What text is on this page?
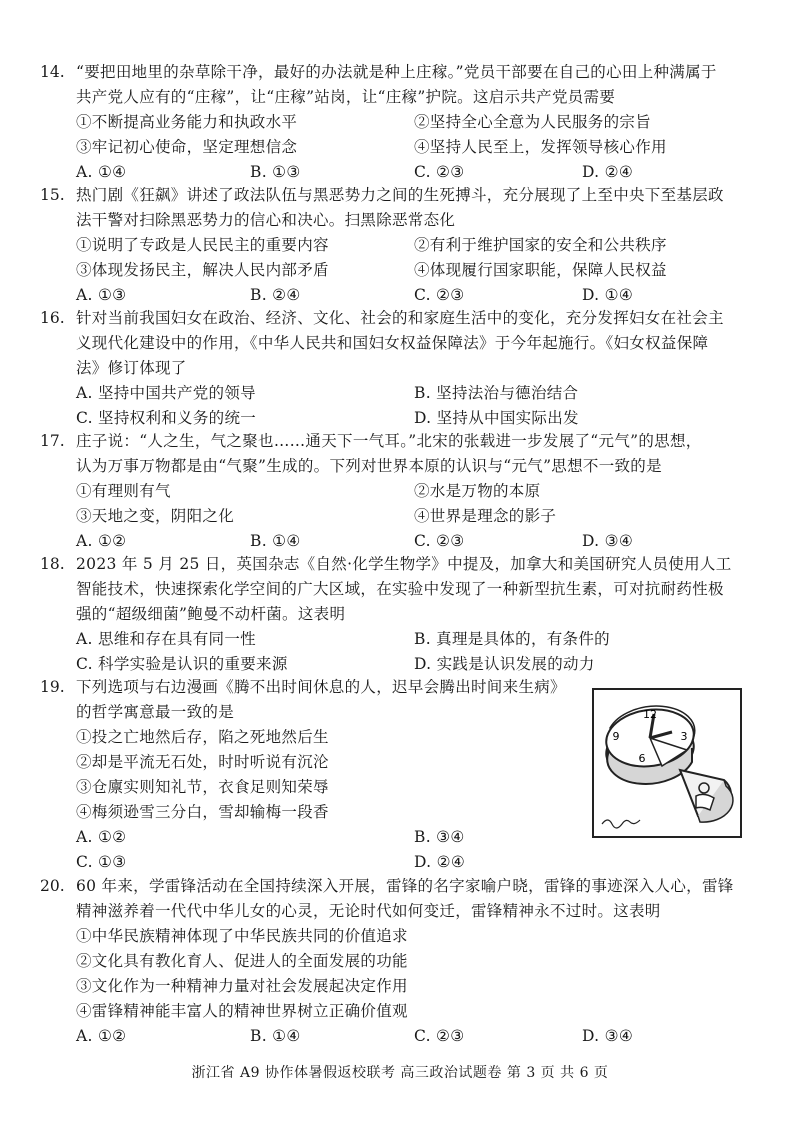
14. “要把田地里的杂草除干净，最好的办法就是种上庄稼。”党员干部要在自己的心田上种满属于
共产党人应有的“庄稼”，让“庄稼”站岗，让“庄稼”护院。这启示共产党员需要
①不断提高业务能力和执政水平	②坚持全心全意为人民服务的宗旨
③牢记初心使命，坚定理想信念	④坚持人民至上，发挥领导核心作用
A. ①④	B. ①③	C. ②③	D. ②④
15. 热门剧《狂飙》讲述了政法队伍与黑恶势力之间的生死搏斗，充分展现了上至中央下至基层政
法干警对扫除黑恶势力的信心和决心。扫黑除恶常态化
①说明了专政是人民民主的重要内容	②有利于维护国家的安全和公共秩序
③体现发扬民主，解决人民内部矛盾	④体现履行国家职能，保障人民权益
A. ①③	B. ②④	C. ②③	D. ①④
16. 针对当前我国妇女在政治、经济、文化、社会的和家庭生活中的变化，充分发挥妇女在社会主
义现代化建设中的作用，《中华人民共和国妇女权益保障法》于今年起施行。《妇女权益保障
法》修订体现了
A. 坚持中国共产党的领导	B. 坚持法治与德治结合
C. 坚持权利和义务的统一	D. 坚持从中国实际出发
17. 庄子说：“人之生，气之聚也……通天下一气耳。”北宋的张载进一步发展了“元气”的思想，
认为万事万物都是由“气聚”生成的。下列对世界本原的认识与“元气”思想不一致的是
①有理则有气	②水是万物的本原
③天地之变，阴阳之化	④世界是理念的影子
A. ①②	B. ①④	C. ②③	D. ③④
18. 2023 年 5 月 25 日，英国杂志《自然·化学生物学》中提及，加拿大和美国研究人员使用人工
智能技术，快速探索化学空间的广大区域，在实验中发现了一种新型抗生素，可对抗耐药性极
强的“超级细菌”鲍曼不动杆菌。这表明
A. 思维和存在具有同一性	B. 真理是具体的，有条件的
C. 科学实验是认识的重要来源	D. 实践是认识发展的动力
19. 下列选项与右边漫画《腾不出时间休息的人，迟早会腾出时间来生病》
的哲学寓意最一致的是
①投之亡地然后存，陷之死地然后生
②却是平流无石处，时时听说有沉沦
③仓廪实则知礼节，衣食足则知荣辱
④梅须逊雪三分白，雪却输梅一段香
A. ①②	B. ③④
C. ①③	D. ②④
12
3
6
9
20. 60 年来，学雷锋活动在全国持续深入开展，雷锋的名字家喻户晓，雷锋的事迹深入人心，雷锋
精神滋养着一代代中华儿女的心灵，无论时代如何变迁，雷锋精神永不过时。这表明
①中华民族精神体现了中华民族共同的价值追求
②文化具有教化育人、促进人的全面发展的功能
③文化作为一种精神力量对社会发展起决定作用
④雷锋精神能丰富人的精神世界树立正确价值观
A. ①②	B. ①④	C. ②③	D. ③④
浙江省 A9 协作体暑假返校联考 高三政治试题卷 第 3 页 共 6 页
